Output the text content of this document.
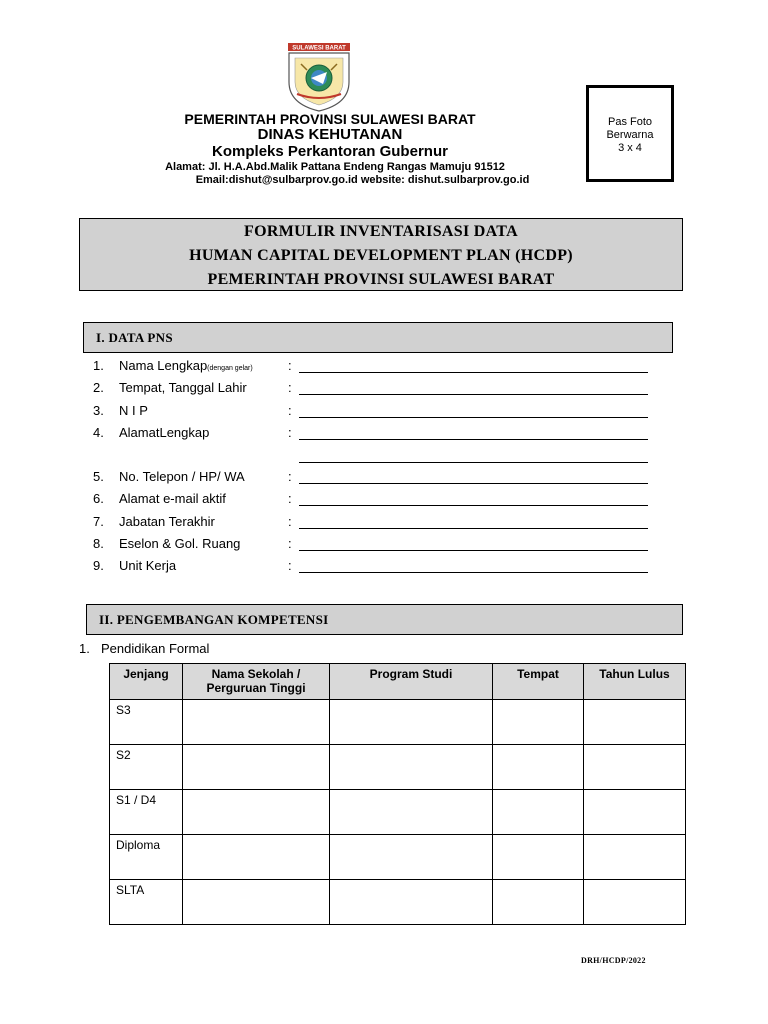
SULAWESI BARAT
PEMERINTAH PROVINSI SULAWESI BARAT
DINAS KEHUTANAN
Kompleks Perkantoran Gubernur
Alamat: Jl. H.A.Abd.Malik Pattana Endeng Rangas Mamuju 91512
Email:dishut@sulbarprov.go.id website: dishut.sulbarprov.go.id
Pas Foto
Berwarna
3 x 4
FORMULIR INVENTARISASI DATA
HUMAN CAPITAL DEVELOPMENT PLAN (HCDP)
PEMERINTAH PROVINSI SULAWESI BARAT
I. DATA PNS
1. Nama Lengkap(dengan gelar)	:
2. Tempat, Tanggal Lahir	:
3. N I P	:
4. AlamatLengkap	:
5. No. Telepon / HP/ WA	:
6. Alamat e-mail aktif	:
7. Jabatan Terakhir	:
8. Eselon & Gol. Ruang	:
9. Unit Kerja	:
II. PENGEMBANGAN KOMPETENSI
1. Pendidikan Formal
Jenjang	Nama Sekolah / Perguruan Tinggi	Program Studi	Tempat	Tahun Lulus
S3				
S2				
S1 / D4				
Diploma				
SLTA				
DRH/HCDP/2022
